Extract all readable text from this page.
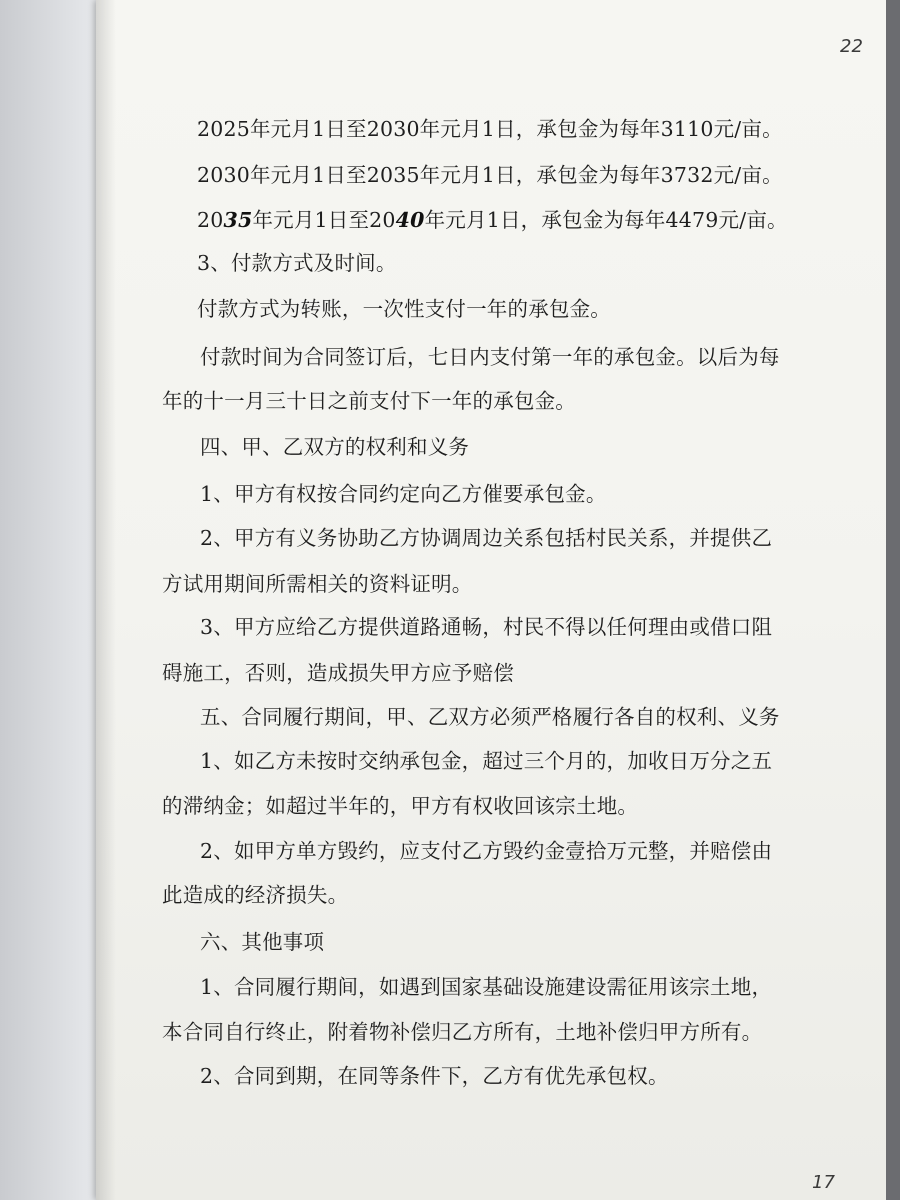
22
17
2025年元月1日至2030年元月1日，承包金为每年3110元/亩。
2030年元月1日至2035年元月1日，承包金为每年3732元/亩。
2035年元月1日至2040年元月1日，承包金为每年4479元/亩。
3、付款方式及时间。
付款方式为转账，一次性支付一年的承包金。
付款时间为合同签订后，七日内支付第一年的承包金。以后为每
年的十一月三十日之前支付下一年的承包金。
四、甲、乙双方的权利和义务
1、甲方有权按合同约定向乙方催要承包金。
2、甲方有义务协助乙方协调周边关系包括村民关系，并提供乙
方试用期间所需相关的资料证明。
3、甲方应给乙方提供道路通畅，村民不得以任何理由或借口阻
碍施工，否则，造成损失甲方应予赔偿
五、合同履行期间，甲、乙双方必须严格履行各自的权利、义务
1、如乙方未按时交纳承包金，超过三个月的，加收日万分之五
的滞纳金；如超过半年的，甲方有权收回该宗土地。
2、如甲方单方毁约，应支付乙方毁约金壹拾万元整，并赔偿由
此造成的经济损失。
六、其他事项
1、合同履行期间，如遇到国家基础设施建设需征用该宗土地，
本合同自行终止，附着物补偿归乙方所有，土地补偿归甲方所有。
2、合同到期，在同等条件下，乙方有优先承包权。
